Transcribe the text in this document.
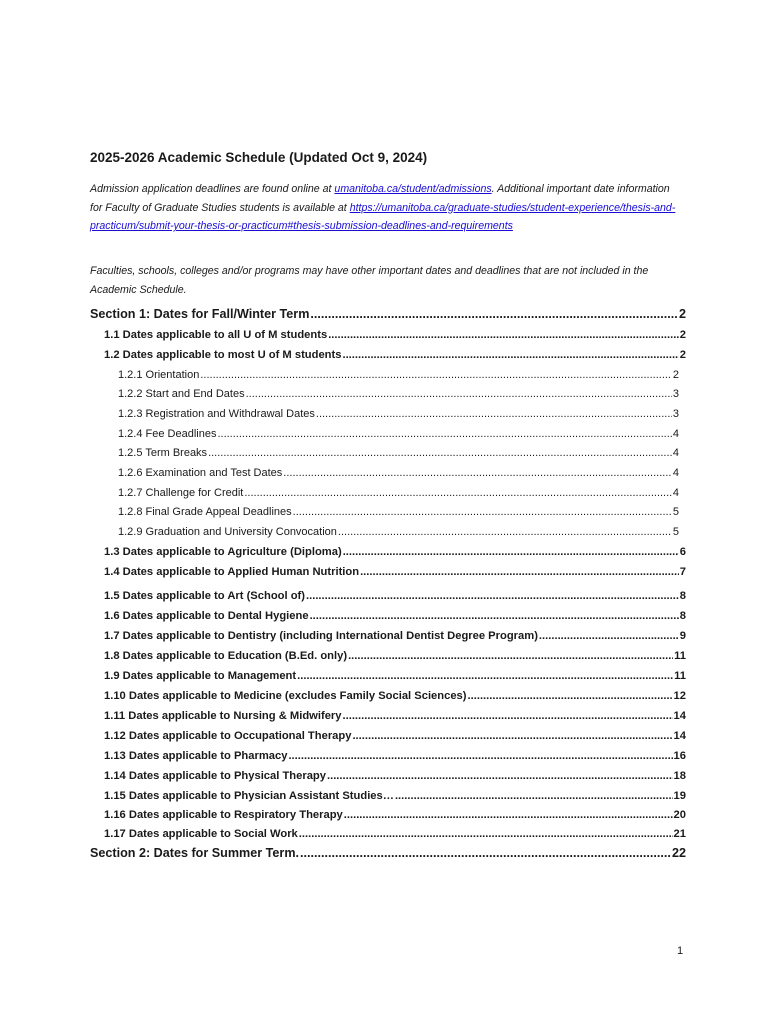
2025-2026 Academic Schedule (Updated Oct 9, 2024)
Admission application deadlines are found online at umanitoba.ca/student/admissions. Additional important date information for Faculty of Graduate Studies students is available at https://umanitoba.ca/graduate-studies/student-experience/thesis-and-practicum/submit-your-thesis-or-practicum#thesis-submission-deadlines-and-requirements
Faculties, schools, colleges and/or programs may have other important dates and deadlines that are not included in the Academic Schedule.
Section 1: Dates for Fall/Winter Term .....	2
1.1 Dates applicable to all U of M students .....	2
1.2 Dates applicable to most U of M students .....	2
1.2.1 Orientation .....	2
1.2.2 Start and End Dates .....	3
1.2.3 Registration and Withdrawal Dates .....	3
1.2.4 Fee Deadlines .....	4
1.2.5 Term Breaks .....	4
1.2.6 Examination and Test Dates .....	4
1.2.7 Challenge for Credit .....	4
1.2.8 Final Grade Appeal Deadlines .....	5
1.2.9 Graduation and University Convocation .....	5
1.3 Dates applicable to Agriculture (Diploma) .....	6
1.4 Dates applicable to Applied Human Nutrition .....	7
1.5 Dates applicable to Art (School of) .....	8
1.6 Dates applicable to Dental Hygiene .....	8
1.7 Dates applicable to Dentistry (including International Dentist Degree Program) .....	9
1.8 Dates applicable to Education (B.Ed. only) .....	11
1.9 Dates applicable to Management .....	11
1.10 Dates applicable to Medicine (excludes Family Social Sciences) .....	12
1.11 Dates applicable to Nursing & Midwifery .....	14
1.12 Dates applicable to Occupational Therapy .....	14
1.13 Dates applicable to Pharmacy .....	16
1.14 Dates applicable to Physical Therapy .....	18
1.15 Dates applicable to Physician Assistant Studies… .....	19
1.16 Dates applicable to Respiratory Therapy .....	20
1.17 Dates applicable to Social Work .....	21
Section 2: Dates for Summer Term. .....	22
1
